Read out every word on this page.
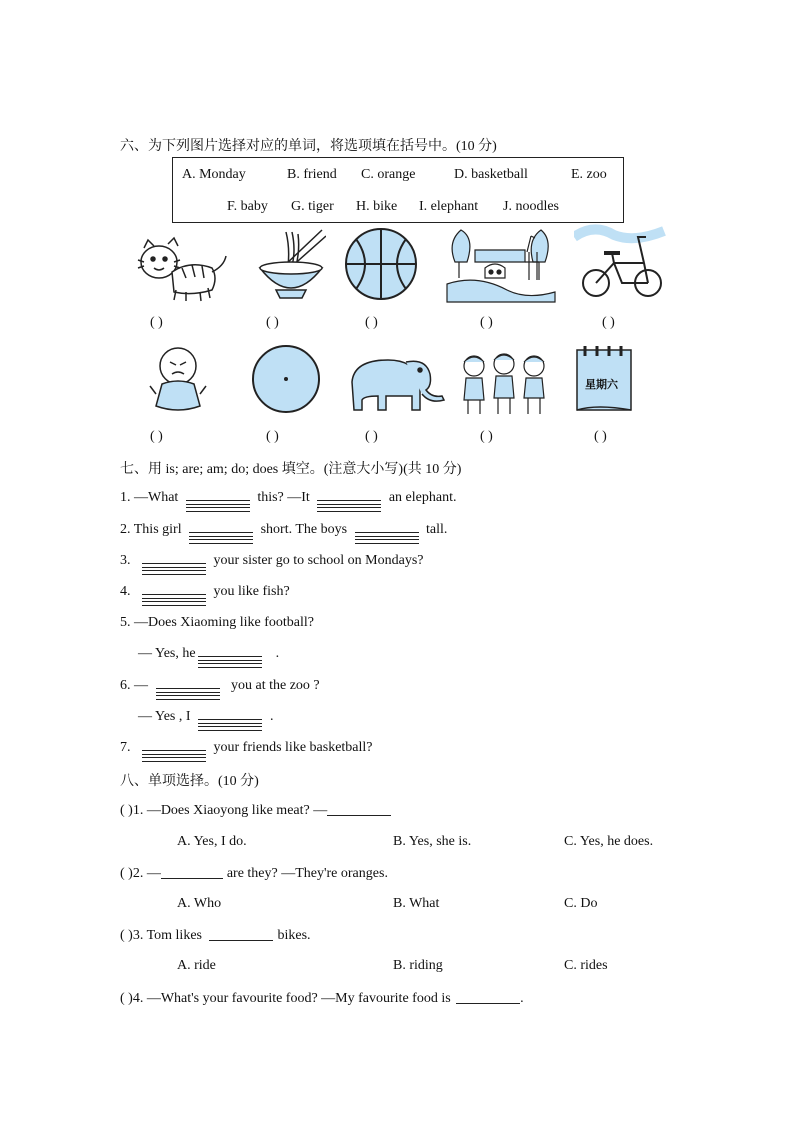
六、为下列图片选择对应的单词，将选项填在括号中。(10 分)
A. Monday	B. friend C. orange	D. basketball	E. zoo
F. baby G. tiger H. bike I. elephant J. noodles
( )	( )	( )	( )	( )
星期六
( )	( )	( )	( )	( )
七、用 is; are; am; do; does 填空。(注意大小写)(共 10 分)
1. —What	this? —It	an elephant.
2. This girl	short. The boys	tall.
3.	your sister go to school on Mondays?
4.	you like fish?
5. —Does Xiaoming like football?
— Yes, he	.
6. —	you at the zoo ?
— Yes , I	.
7.	your friends like basketball?
八、单项选择。(10 分)
( )1. —Does Xiaoyong like meat? —
A. Yes, I do.	B. Yes, she is.	C. Yes, he does.
( )2. —	are they? —They're oranges.
A. Who	B. What	C. Do
( )3. Tom likes	bikes.
A. ride	B. riding	C. rides
( )4. —What's your favourite food? —My favourite food is	.
